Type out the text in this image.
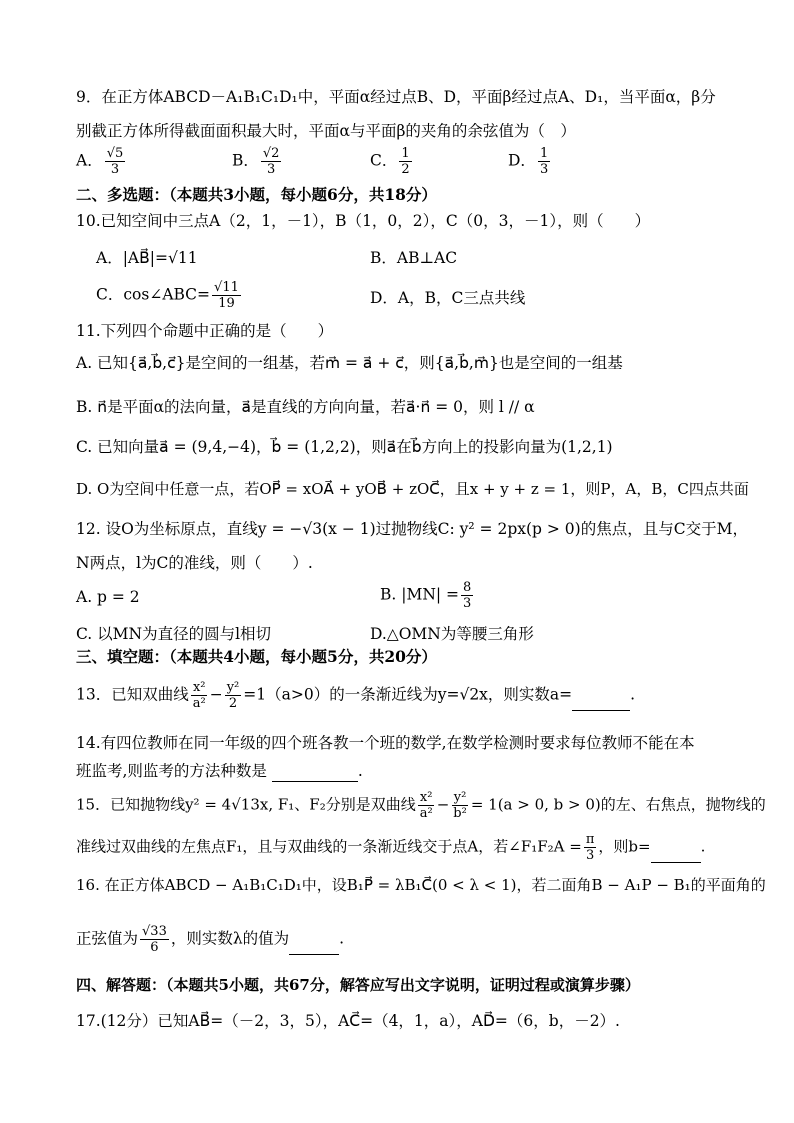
9．在正方体ABCD－A₁B₁C₁D₁中，平面α经过点B、D，平面β经过点A、D₁，当平面α，β分
别截正方体所得截面面积最大时，平面α与平面β的夹角的余弦值为（　）
A． $\frac{√5}{3}$	B． $\frac{√2}{3}$	C． $\frac{1}{2}$	D． $\frac{1}{3}$
二、多选题：（本题共3小题，每小题6分，共18分）
10.已知空间中三点A（2，1，－1），B（1，0，2），C（0，3，－1），则（　　）
A．|AB⃗|=√11	B．AB⊥AC
C．cos∠ABC= $\frac{√11}{19}$	D．A，B，C三点共线
11.下列四个命题中正确的是（　　）
A. 已知{a⃗,b⃗,c⃗}是空间的一组基，若m⃗ = a⃗ + c⃗，则{a⃗,b⃗,m⃗}也是空间的一组基
B. n⃗是平面α的法向量，a⃗是直线的方向向量，若a⃗·n⃗ = 0，则 l // α
C. 已知向量a⃗ = (9,4,−4)，b⃗ = (1,2,2)，则a⃗在b⃗方向上的投影向量为(1,2,1)
D. O为空间中任意一点，若OP⃗ = xOA⃗ + yOB⃗ + zOC⃗，且x + y + z = 1，则P，A，B，C四点共面
12. 设O为坐标原点，直线y = −√3(x − 1)过抛物线C: y² = 2px(p > 0)的焦点，且与C交于M，
N两点，l为C的准线，则（　　）.
A. p = 2	B. $|MN| = \frac{8}{3}$
C. 以MN为直径的圆与l相切	D.△OMN为等腰三角形
三、填空题：（本题共4小题，每小题5分，共20分）
13．已知双曲线 $\frac{\text{x²}}{\text{a²}} - \frac{\text{y²}}{2} =1(a>0)$的一条渐近线为y=√2x，则实数a=	.
14.有四位教师在同一年级的四个班各教一个班的数学,在数学检测时要求每位教师不能在本
班监考,则监考的方法种数是	.
15．已知抛物线y² = 4√13x, F₁、F₂分别是双曲线 $\frac{\text{x²}}{\text{a²}} - \frac{\text{y²}}{\text{b²}} = 1(a > 0$, b > 0)的左、右焦点，抛物线的
准线过双曲线的左焦点F₁，且与双曲线的一条渐近线交于点A，若∠F₁F₂A = $\frac{\pi}{3}$ ，则b=	.
16. 在正方体ABCD − A₁B₁C₁D₁中，设B₁P⃗ = λB₁C⃗(0 < λ < 1)，若二面角B − A₁P − B₁的平面角的
正弦值为 $\frac{√33}{6}$ ，则实数λ的值为	.
四、解答题：（本题共5小题，共67分，解答应写出文字说明，证明过程或演算步骤）
17.(12分）已知AB⃗=（－2，3，5），AC⃗=（4，1，a），AD⃗=（6，b，－2）.
